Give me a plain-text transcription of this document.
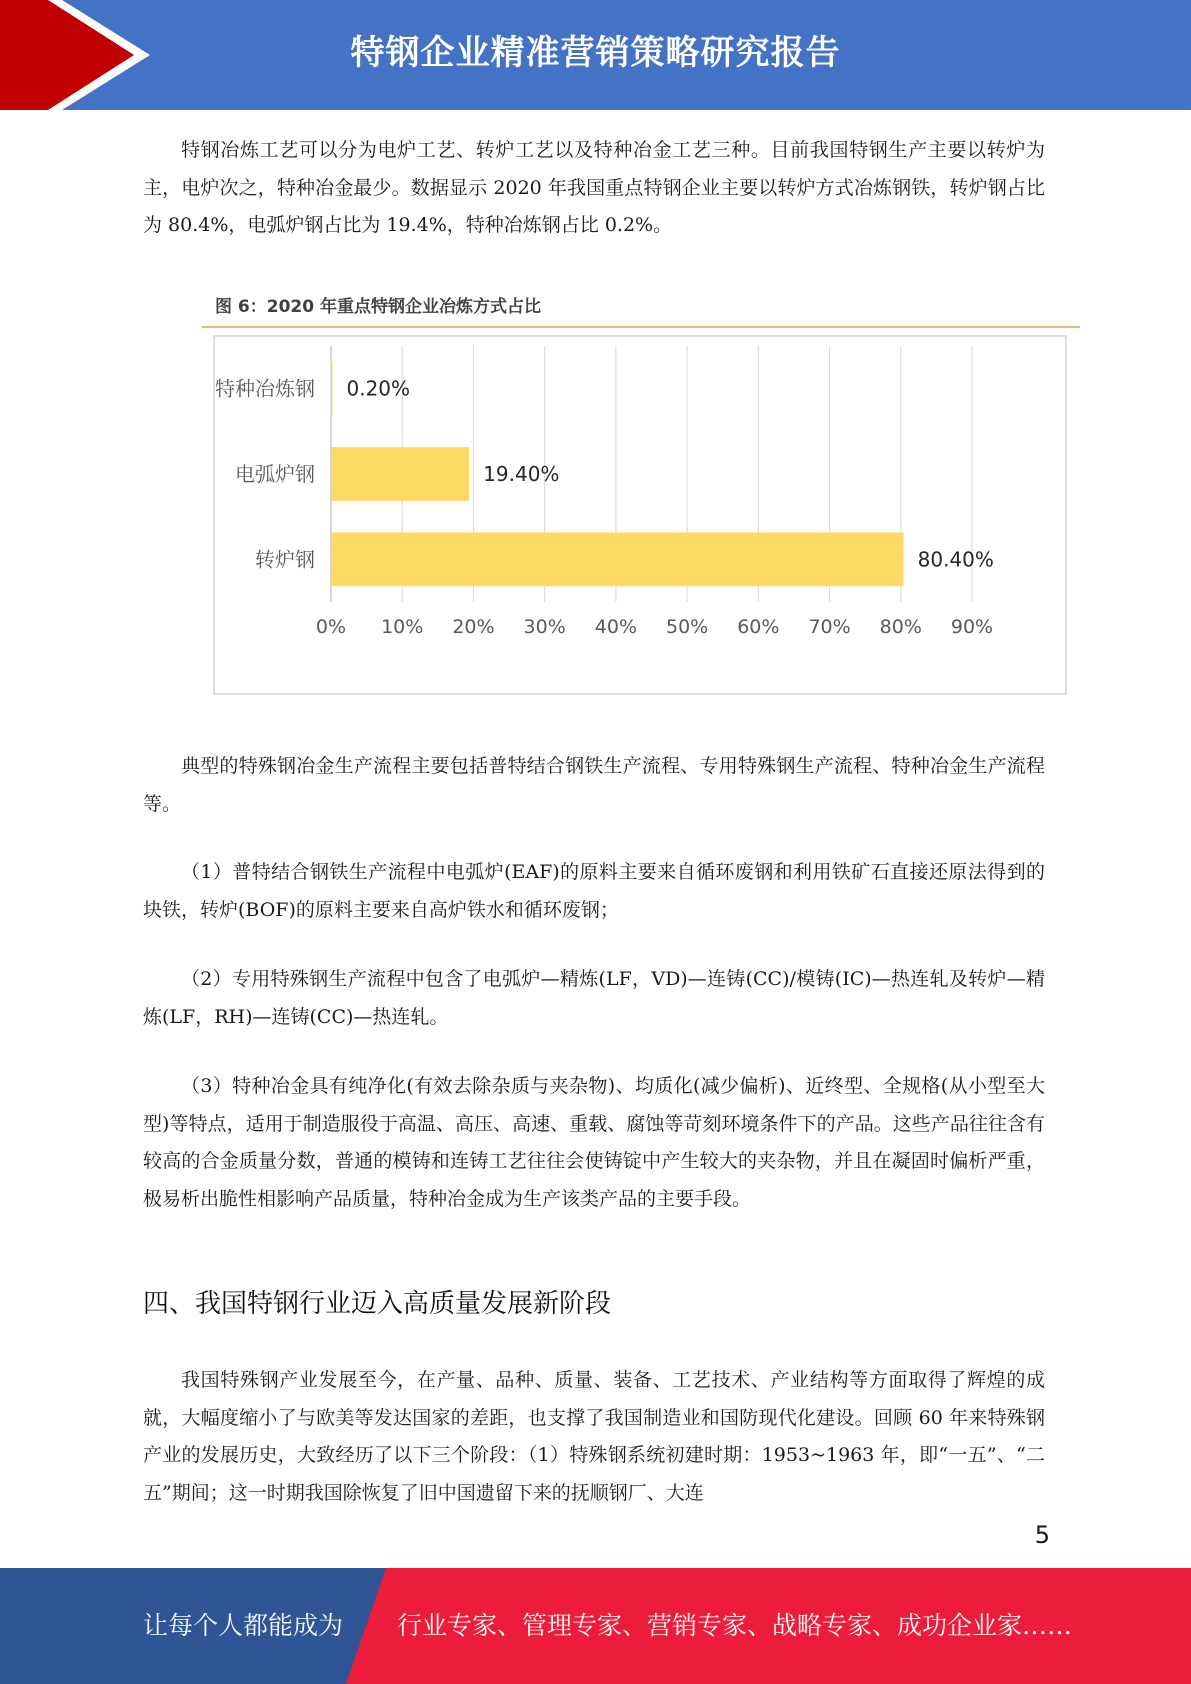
特钢企业精准营销策略研究报告

特钢冶炼工艺可以分为电炉工艺、转炉工艺以及特种冶金工艺三种。目前我国特钢生产主要以转炉为主，电炉次之，特种冶金最少。数据显示 2020 年我国重点特钢企业主要以转炉方式冶炼钢铁，转炉钢占比为 80.4%，电弧炉钢占比为 19.4%，特种冶炼钢占比 0.2%。

图 6：2020 年重点特钢企业冶炼方式占比
0% 10% 20% 30% 40% 50% 60% 70% 80% 90%
特种冶炼钢 0.20%
电弧炉钢	19.40%
转炉钢	80.40%

典型的特殊钢冶金生产流程主要包括普特结合钢铁生产流程、专用特殊钢生产流程、特种冶金生产流程等。

（1）普特结合钢铁生产流程中电弧炉(EAF)的原料主要来自循环废钢和利用铁矿石直接还原法得到的块铁，转炉(BOF)的原料主要来自高炉铁水和循环废钢；

（2）专用特殊钢生产流程中包含了电弧炉—精炼(LF，VD)—连铸(CC)/模铸(IC)—热连轧及转炉—精炼(LF，RH)—连铸(CC)—热连轧。

（3）特种冶金具有纯净化(有效去除杂质与夹杂物)、均质化(减少偏析)、近终型、全规格(从小型至大型)等特点，适用于制造服役于高温、高压、高速、重载、腐蚀等苛刻环境条件下的产品。这些产品往往含有较高的合金质量分数，普通的模铸和连铸工艺往往会使铸锭中产生较大的夹杂物，并且在凝固时偏析严重，极易析出脆性相影响产品质量，特种冶金成为生产该类产品的主要手段。

四、我国特钢行业迈入高质量发展新阶段

我国特殊钢产业发展至今，在产量、品种、质量、装备、工艺技术、产业结构等方面取得了辉煌的成就，大幅度缩小了与欧美等发达国家的差距，也支撑了我国制造业和国防现代化建设。回顾 60 年来特殊钢产业的发展历史，大致经历了以下三个阶段：（1）特殊钢系统初建时期：1953~1963 年，即“一五”、“二五”期间；这一时期我国除恢复了旧中国遗留下来的抚顺钢厂、大连

5
让每个人都能成为 行业专家、管理专家、营销专家、战略专家、成功企业家……
